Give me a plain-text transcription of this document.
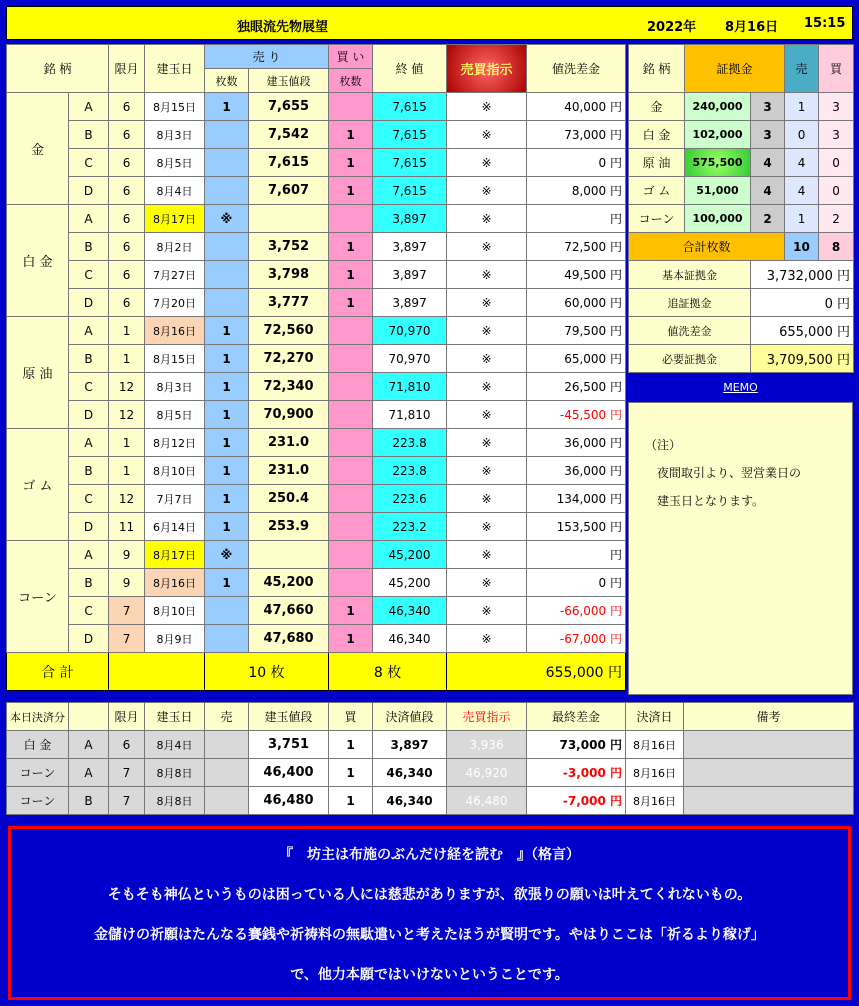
独眼流先物展望	2022年 8月16日 15:15
銘 柄		限月	建玉日	売 り		買 い	終 値	売買指示	値洗差金
				枚数	建玉値段	枚数			
金	A	6	8月15日	1	7,655		7,615	※	40,000 円
	B	6	8月3日		7,542	1	7,615	※	73,000 円
	C	6	8月5日		7,615	1	7,615	※	0 円
	D	6	8月4日		7,607	1	7,615	※	8,000 円
白 金	A	6	8月17日	※			3,897	※	円
	B	6	8月2日		3,752	1	3,897	※	72,500 円
	C	6	7月27日		3,798	1	3,897	※	49,500 円
	D	6	7月20日		3,777	1	3,897	※	60,000 円
原 油	A	1	8月16日	1	72,560		70,970	※	79,500 円
	B	1	8月15日	1	72,270		70,970	※	65,000 円
	C	12	8月3日	1	72,340		71,810	※	26,500 円
	D	12	8月5日	1	70,900		71,810	※	-45,500 円
ゴ ム	A	1	8月12日	1	231.0		223.8	※	36,000 円
	B	1	8月10日	1	231.0		223.8	※	36,000 円
	C	12	7月7日	1	250.4		223.6	※	134,000 円
	D	11	6月14日	1	253.9		223.2	※	153,500 円
コーン	A	9	8月17日	※			45,200	※	円
	B	9	8月16日	1	45,200		45,200	※	0 円
	C	7	8月10日		47,660	1	46,340	※	-66,000 円
	D	7	8月9日		47,680	1	46,340	※	-67,000 円
合 計				10 枚		8 枚		655,000 円	
銘 柄	証拠金		売	買
金	240,000	3	1	3
白 金	102,000	3	0	3
原 油	575,500	4	4	0
ゴ ム	51,000	4	4	0
コーン	100,000	2	1	2
合計枚数			10	8
基本証拠金		3,732,000 円		
追証拠金		0 円		
値洗差金		655,000 円		
必要証拠金		3,709,500 円		
MEMO
（注）
　夜間取引より、翌営業日の
　建玉日となります。
本日決済分		限月	建玉日	売	建玉値段	買	決済値段	売買指示	最終差金	決済日	備考
白 金	A	6	8月4日		3,751	1	3,897	3,936	73,000 円	8月16日	
コーン	A	7	8月8日		46,400	1	46,340	46,920	-3,000 円	8月16日	
コーン	B	7	8月8日		46,480	1	46,340	46,480	-7,000 円	8月16日	
『　坊主は布施のぶんだけ経を読む　』（格言）
そもそも神仏というものは困っている人には慈悲がありますが、欲張りの願いは叶えてくれないもの。
金儲けの祈願はたんなる賽銭や祈祷料の無駄遣いと考えたほうが賢明です。やはりここは「祈るより稼げ」
で、他力本願ではいけないということです。
